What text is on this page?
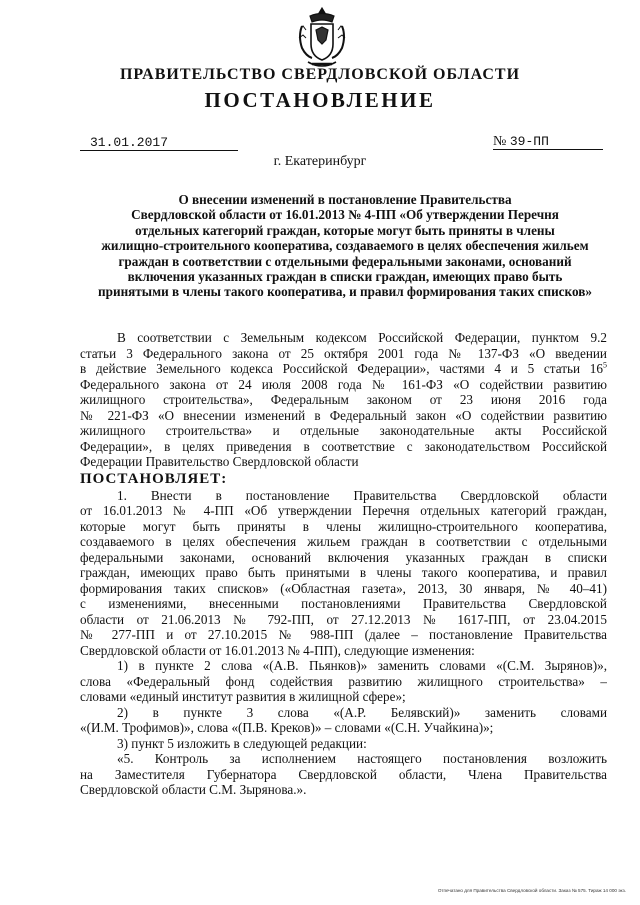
ПРАВИТЕЛЬСТВО СВЕРДЛОВСКОЙ ОБЛАСТИ
ПОСТАНОВЛЕНИЕ
31.01.2017	№ 39-ПП
г. Екатеринбург
О внесении изменений в постановление Правительства
Свердловской области от 16.01.2013 № 4-ПП «Об утверждении Перечня
отдельных категорий граждан, которые могут быть приняты в члены
жилищно-строительного кооператива, создаваемого в целях обеспечения жильем
граждан в соответствии с отдельными федеральными законами, оснований
включения указанных граждан в списки граждан, имеющих право быть
принятыми в члены такого кооператива, и правил формирования таких списков»
В соответствии с Земельным кодексом Российской Федерации, пунктом 9.2
статьи 3 Федерального закона от 25 октября 2001 года № 137-ФЗ «О введении
в действие Земельного кодекса Российской Федерации», частями 4 и 5 статьи $16^5$
Федерального закона от 24 июля 2008 года № 161-ФЗ «О содействии развитию
жилищного строительства», Федеральным законом от 23 июня 2016 года
№ 221-ФЗ «О внесении изменений в Федеральный закон «О содействии развитию
жилищного строительства» и отдельные законодательные акты Российской
Федерации», в целях приведения в соответствие с законодательством Российской
Федерации Правительство Свердловской области
ПОСТАНОВЛЯЕТ:
1. Внести в постановление Правительства Свердловской области
от 16.01.2013 № 4-ПП «Об утверждении Перечня отдельных категорий граждан,
которые могут быть приняты в члены жилищно-строительного кооператива,
создаваемого в целях обеспечения жильем граждан в соответствии с отдельными
федеральными законами, оснований включения указанных граждан в списки
граждан, имеющих право быть принятыми в члены такого кооператива, и правил
формирования таких списков» («Областная газета», 2013, 30 января, № 40–41)
с изменениями, внесенными постановлениями Правительства Свердловской
области от 21.06.2013 № 792-ПП, от 27.12.2013 № 1617-ПП, от 23.04.2015
№ 277-ПП и от 27.10.2015 № 988-ПП (далее – постановление Правительства
Свердловской области от 16.01.2013 № 4-ПП), следующие изменения:
1) в пункте 2 слова «(А.В. Пьянков)» заменить словами «(С.М. Зырянов)»,
слова «Федеральный фонд содействия развитию жилищного строительства» –
словами «единый институт развития в жилищной сфере»;
2) в пункте 3 слова «(А.Р. Белявский)» заменить словами
«(И.М. Трофимов)», слова «(П.В. Креков)» – словами «(С.Н. Учайкина)»;
3) пункт 5 изложить в следующей редакции:
«5. Контроль за исполнением настоящего постановления возложить
на Заместителя Губернатора Свердловской области, Члена Правительства
Свердловской области С.М. Зырянова.».
Отпечатано для Правительства Свердловской области. Заказ № 575. Тираж 14 000 экз.
